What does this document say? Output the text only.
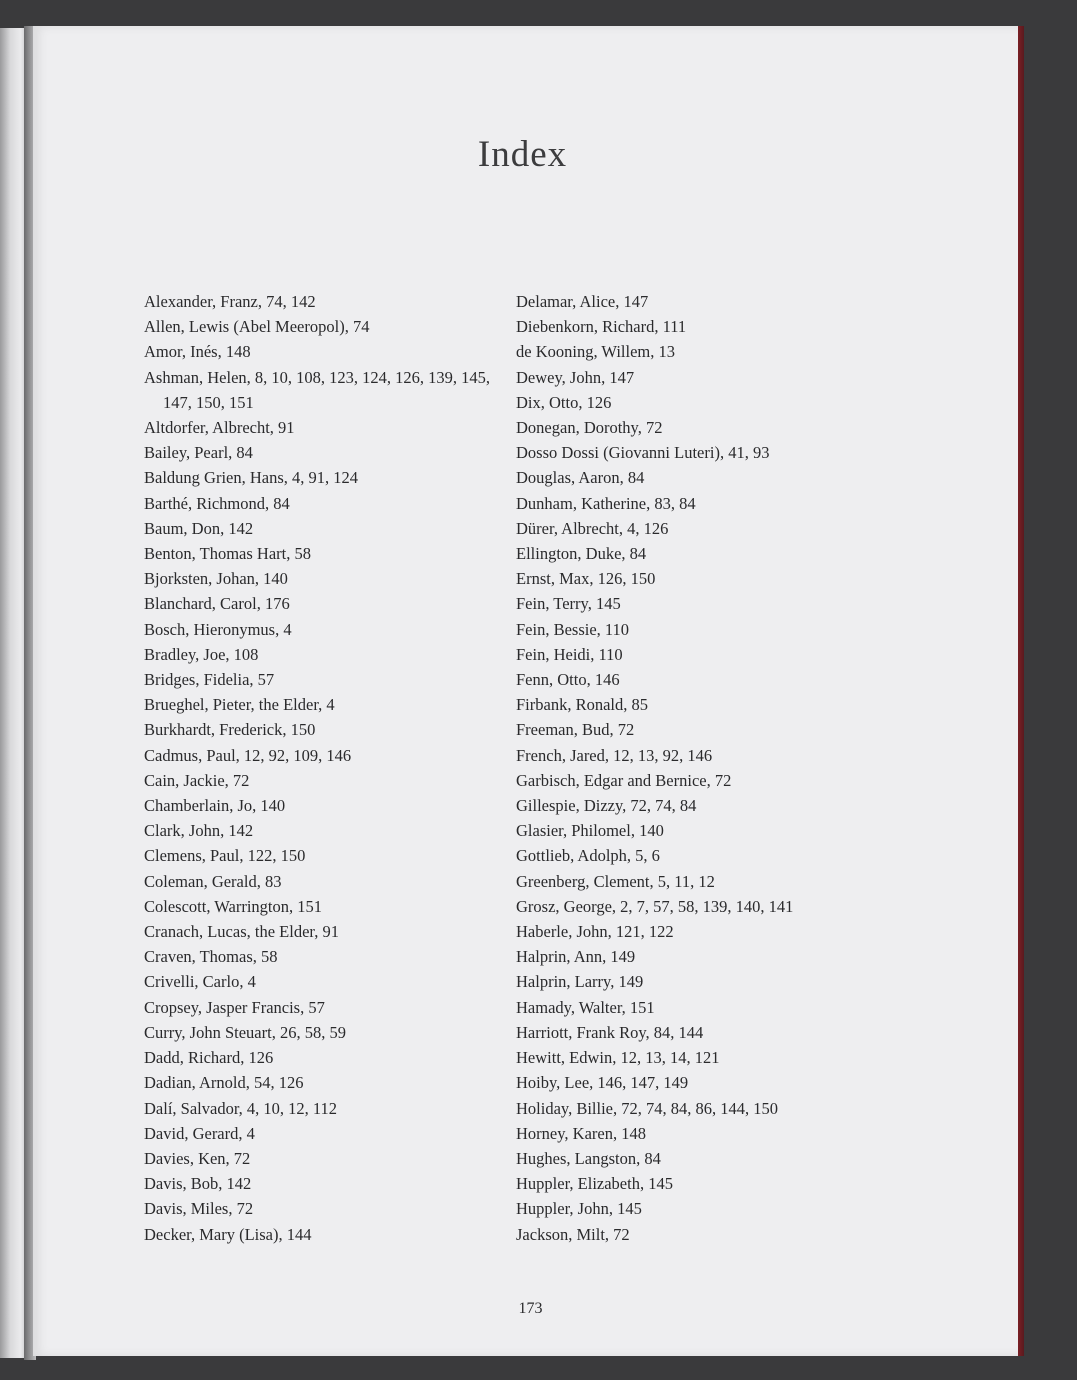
Index
Alexander, Franz, 74, 142
Allen, Lewis (Abel Meeropol), 74
Amor, Inés, 148
Ashman, Helen, 8, 10, 108, 123, 124, 126, 139, 145, 147, 150, 151
Altdorfer, Albrecht, 91
Bailey, Pearl, 84
Baldung Grien, Hans, 4, 91, 124
Barthé, Richmond, 84
Baum, Don, 142
Benton, Thomas Hart, 58
Bjorksten, Johan, 140
Blanchard, Carol, 176
Bosch, Hieronymus, 4
Bradley, Joe, 108
Bridges, Fidelia, 57
Brueghel, Pieter, the Elder, 4
Burkhardt, Frederick, 150
Cadmus, Paul, 12, 92, 109, 146
Cain, Jackie, 72
Chamberlain, Jo, 140
Clark, John, 142
Clemens, Paul, 122, 150
Coleman, Gerald, 83
Colescott, Warrington, 151
Cranach, Lucas, the Elder, 91
Craven, Thomas, 58
Crivelli, Carlo, 4
Cropsey, Jasper Francis, 57
Curry, John Steuart, 26, 58, 59
Dadd, Richard, 126
Dadian, Arnold, 54, 126
Dalí, Salvador, 4, 10, 12, 112
David, Gerard, 4
Davies, Ken, 72
Davis, Bob, 142
Davis, Miles, 72
Decker, Mary (Lisa), 144
Delamar, Alice, 147
Diebenkorn, Richard, 111
de Kooning, Willem, 13
Dewey, John, 147
Dix, Otto, 126
Donegan, Dorothy, 72
Dosso Dossi (Giovanni Luteri), 41, 93
Douglas, Aaron, 84
Dunham, Katherine, 83, 84
Dürer, Albrecht, 4, 126
Ellington, Duke, 84
Ernst, Max, 126, 150
Fein, Terry, 145
Fein, Bessie, 110
Fein, Heidi, 110
Fenn, Otto, 146
Firbank, Ronald, 85
Freeman, Bud, 72
French, Jared, 12, 13, 92, 146
Garbisch, Edgar and Bernice, 72
Gillespie, Dizzy, 72, 74, 84
Glasier, Philomel, 140
Gottlieb, Adolph, 5, 6
Greenberg, Clement, 5, 11, 12
Grosz, George, 2, 7, 57, 58, 139, 140, 141
Haberle, John, 121, 122
Halprin, Ann, 149
Halprin, Larry, 149
Hamady, Walter, 151
Harriott, Frank Roy, 84, 144
Hewitt, Edwin, 12, 13, 14, 121
Hoiby, Lee, 146, 147, 149
Holiday, Billie, 72, 74, 84, 86, 144, 150
Horney, Karen, 148
Hughes, Langston, 84
Huppler, Elizabeth, 145
Huppler, John, 145
Jackson, Milt, 72
173
